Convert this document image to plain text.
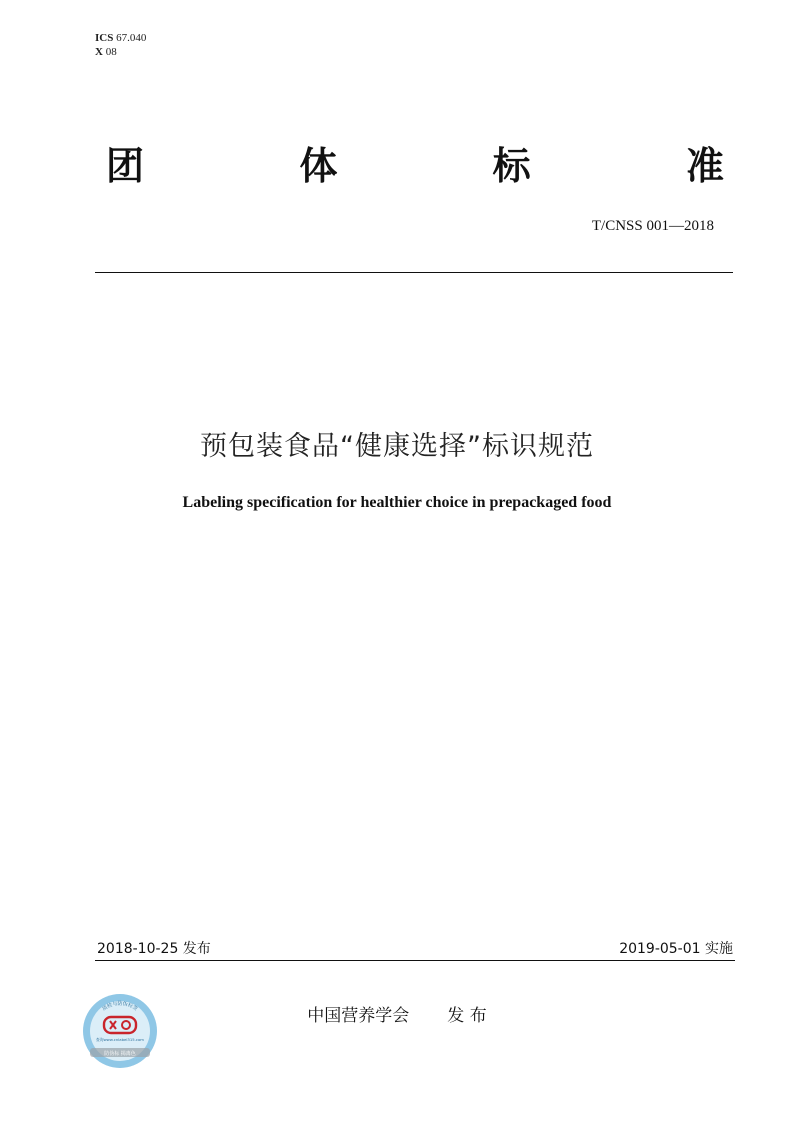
ICS 67.040
X 08
团	体	标	准
T/CNSS 001—2018
预包装食品“健康选择”标识规范
Labeling specification for healthier choice in prepackaged food
2018-10-25 发布	2019-05-01 实施
中国营养学会 发 布
质检与防伪标签
查询www.cnlabel315.com
防伪标 揭离色
